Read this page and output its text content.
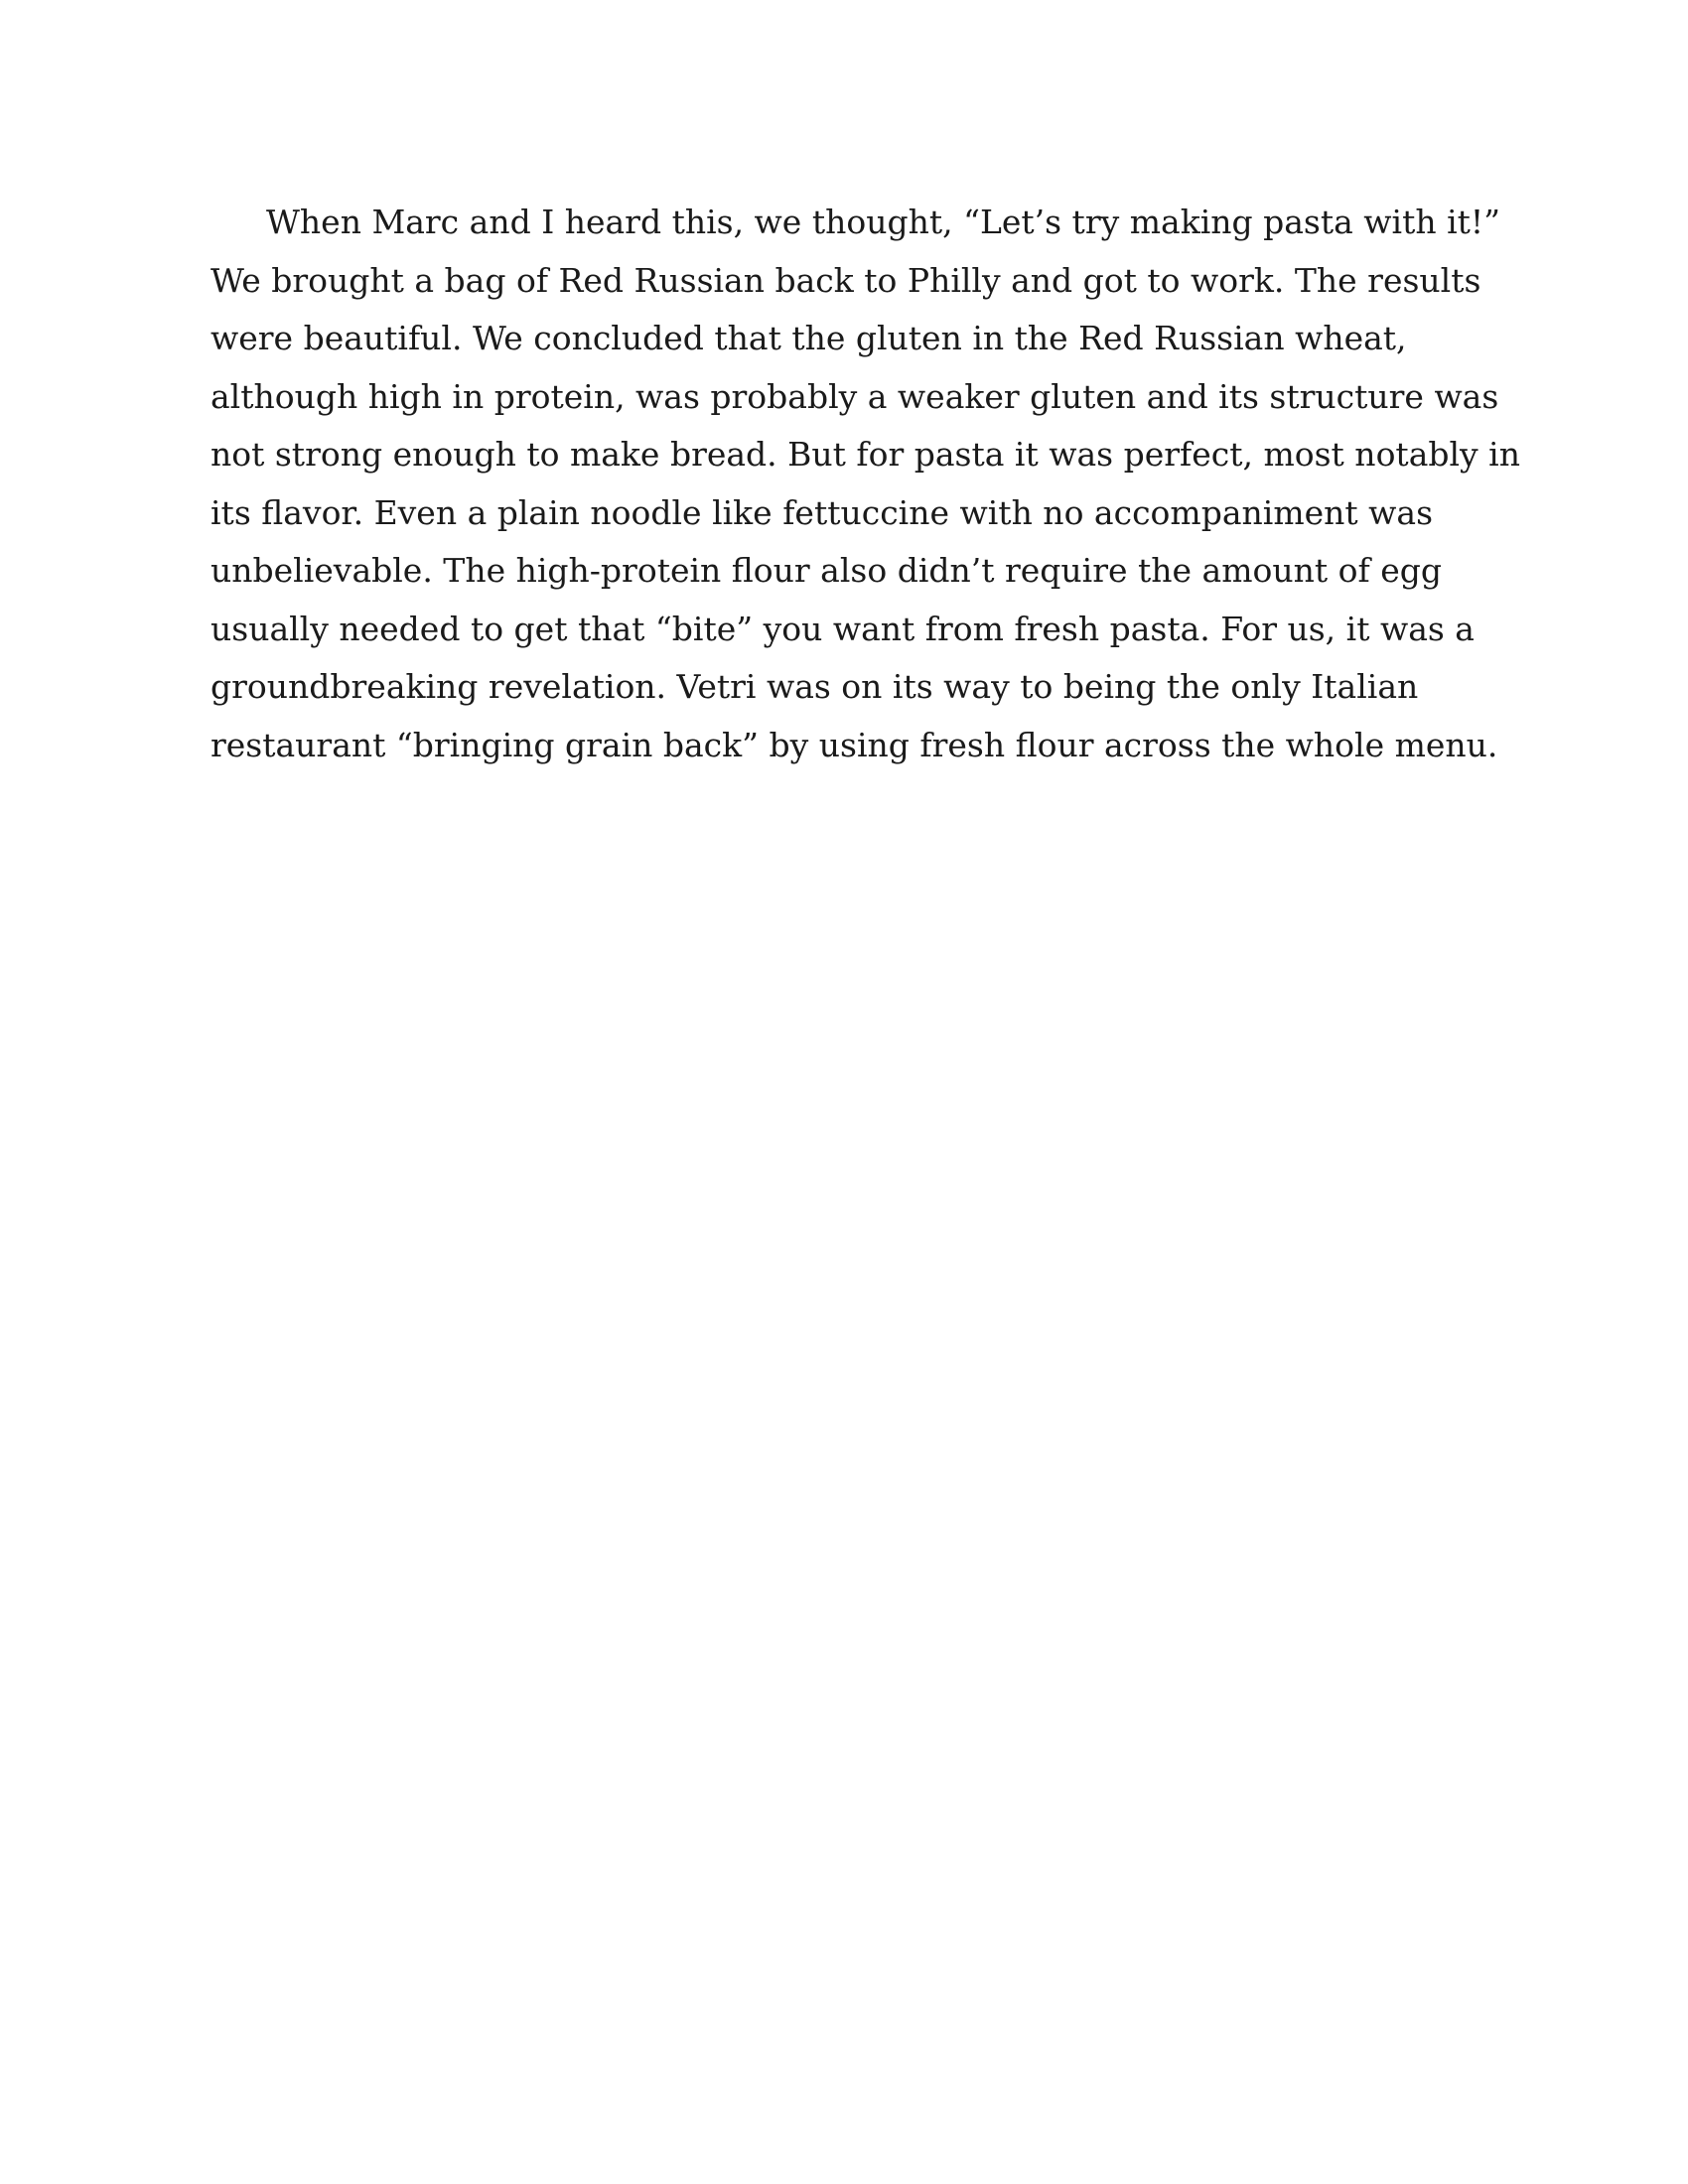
When Marc and I heard this, we thought, “Let’s try making pasta with it!”
We brought a bag of Red Russian back to Philly and got to work. The results
were beautiful. We concluded that the gluten in the Red Russian wheat,
although high in protein, was probably a weaker gluten and its structure was
not strong enough to make bread. But for pasta it was perfect, most notably in
its flavor. Even a plain noodle like fettuccine with no accompaniment was
unbelievable. The high-protein flour also didn’t require the amount of egg
usually needed to get that “bite” you want from fresh pasta. For us, it was a
groundbreaking revelation. Vetri was on its way to being the only Italian
restaurant “bringing grain back” by using fresh flour across the whole menu.
